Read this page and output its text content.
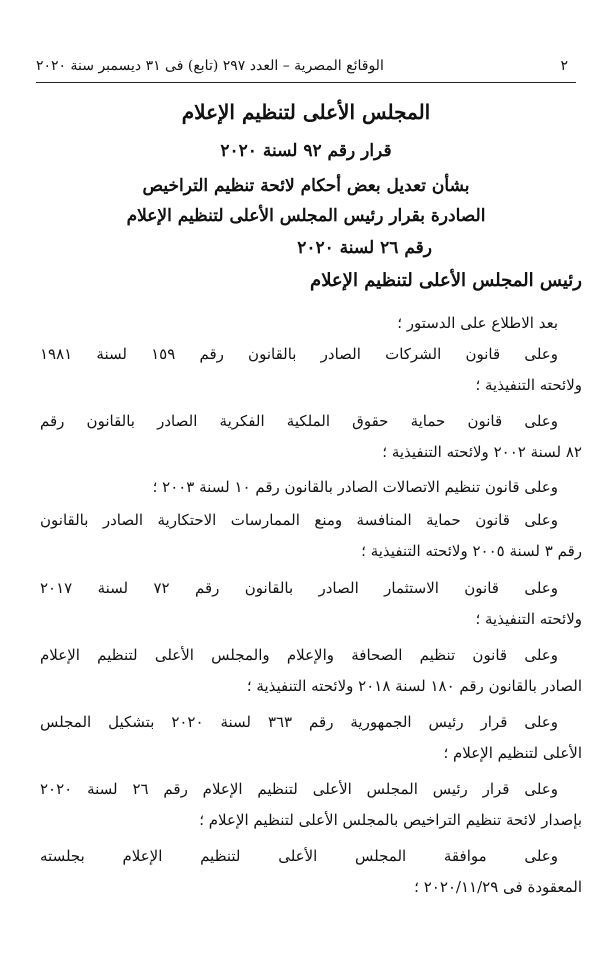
٢
الوقائع المصرية – العدد ٢٩٧ (تابع) فى ٣١ ديسمبر سنة ٢٠٢٠
المجلس الأعلى لتنظيم الإعلام
قرار رقم ٩٢ لسنة ٢٠٢٠
بشأن تعديل بعض أحكام لائحة تنظيم التراخيص
الصادرة بقرار رئيس المجلس الأعلى لتنظيم الإعلام
رقم ٢٦ لسنة ٢٠٢٠
رئيس المجلس الأعلى لتنظيم الإعلام
بعد الاطلاع على الدستور ؛
وعلى قانون الشركات الصادر بالقانون رقم ١٥٩ لسنة ١٩٨١
ولائحته التنفيذية ؛
وعلى قانون حماية حقوق الملكية الفكرية الصادر بالقانون رقم
٨٢ لسنة ٢٠٠٢ ولائحته التنفيذية ؛
وعلى قانون تنظيم الاتصالات الصادر بالقانون رقم ١٠ لسنة ٢٠٠٣ ؛
وعلى قانون حماية المنافسة ومنع الممارسات الاحتكارية الصادر بالقانون
رقم ٣ لسنة ٢٠٠٥ ولائحته التنفيذية ؛
وعلى قانون الاستثمار الصادر بالقانون رقم ٧٢ لسنة ٢٠١٧
ولائحته التنفيذية ؛
وعلى قانون تنظيم الصحافة والإعلام والمجلس الأعلى لتنظيم الإعلام
الصادر بالقانون رقم ١٨٠ لسنة ٢٠١٨ ولائحته التنفيذية ؛
وعلى قرار رئيس الجمهورية رقم ٣٦٣ لسنة ٢٠٢٠ بتشكيل المجلس
الأعلى لتنظيم الإعلام ؛
وعلى قرار رئيس المجلس الأعلى لتنظيم الإعلام رقم ٢٦ لسنة ٢٠٢٠
بإصدار لائحة تنظيم التراخيص بالمجلس الأعلى لتنظيم الإعلام ؛
وعلى موافقة المجلس الأعلى لتنظيم الإعلام بجلسته
المعقودة فى ٢٠٢٠/١١/٢٩ ؛
